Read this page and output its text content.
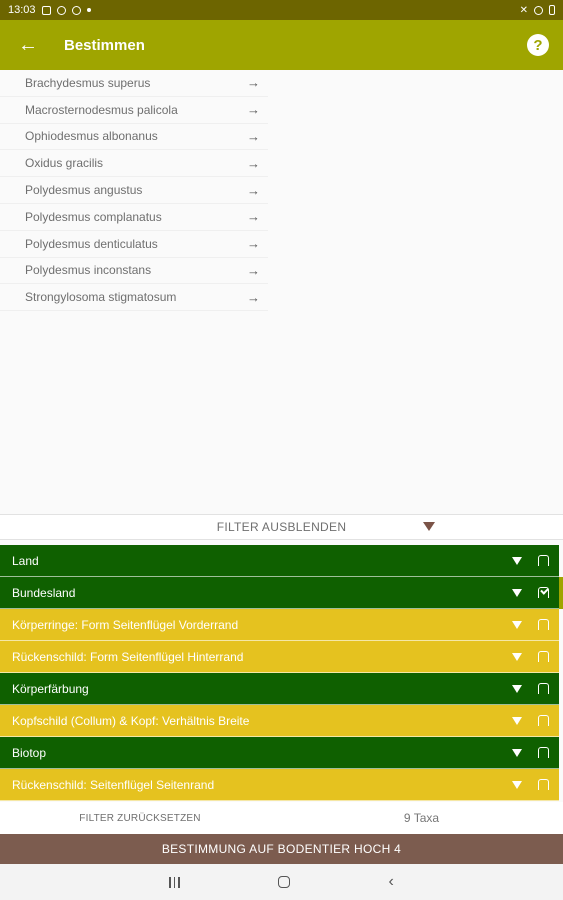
13:03	✕
←	Bestimmen	?
Brachydesmus superus	→
Macrosternodesmus palicola	→
Ophiodesmus albonanus	→
Oxidus gracilis	→
Polydesmus angustus	→
Polydesmus complanatus	→
Polydesmus denticulatus	→
Polydesmus inconstans	→
Strongylosoma stigmatosum	→
FILTER AUSBLENDEN
Land
Bundesland
Körperringe: Form Seitenflügel Vorderrand
Rückenschild: Form Seitenflügel Hinterrand
Körperfärbung
Kopfschild (Collum) & Kopf: Verhältnis Breite
Biotop
Rückenschild: Seitenflügel Seitenrand
FILTER ZURÜCKSETZEN	9 Taxa
BESTIMMUNG AUF BODENTIER HOCH 4
‹
